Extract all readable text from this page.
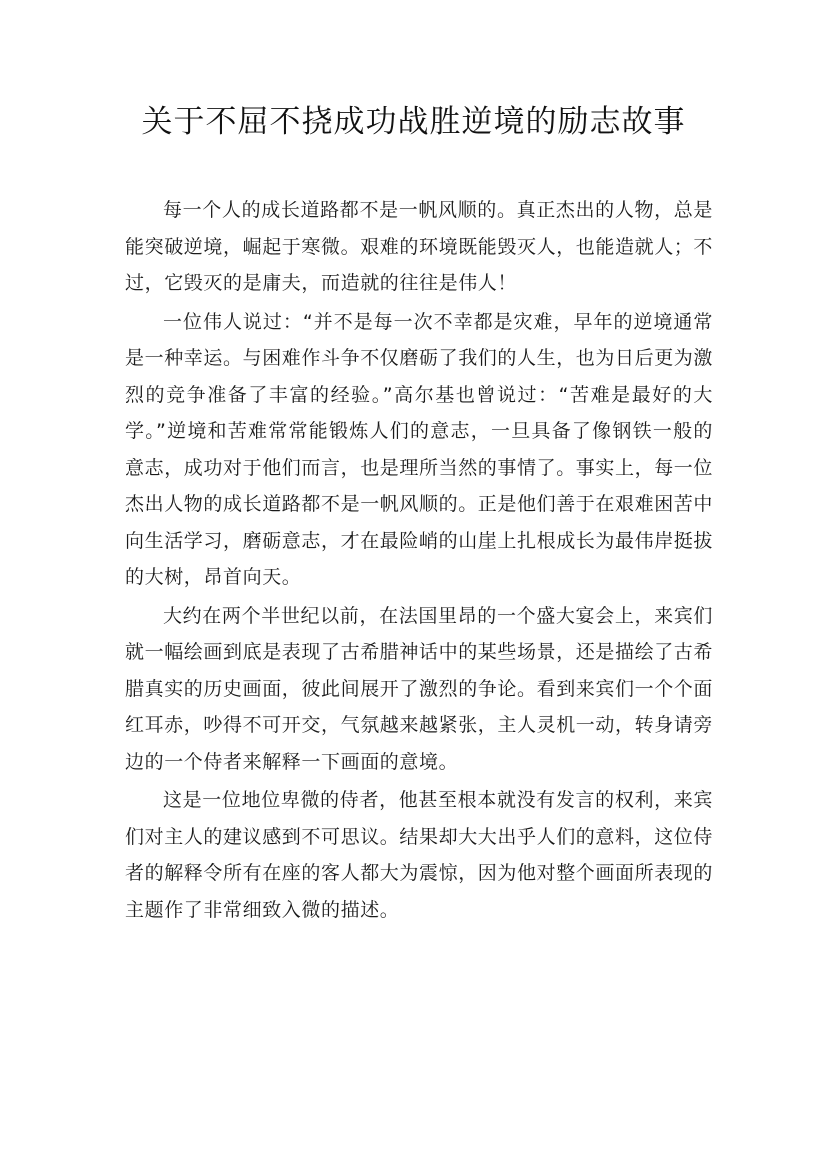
关于不屈不挠成功战胜逆境的励志故事

每一个人的成长道路都不是一帆风顺的。真正杰出的人物，总是能突破逆境，崛起于寒微。艰难的环境既能毁灭人，也能造就人；不过，它毁灭的是庸夫，而造就的往往是伟人！

一位伟人说过：“并不是每一次不幸都是灾难，早年的逆境通常是一种幸运。与困难作斗争不仅磨砺了我们的人生，也为日后更为激烈的竞争准备了丰富的经验。”高尔基也曾说过：“苦难是最好的大学。”逆境和苦难常常能锻炼人们的意志，一旦具备了像钢铁一般的意志，成功对于他们而言，也是理所当然的事情了。事实上，每一位杰出人物的成长道路都不是一帆风顺的。正是他们善于在艰难困苦中向生活学习，磨砺意志，才在最险峭的山崖上扎根成长为最伟岸挺拔的大树，昂首向天。

大约在两个半世纪以前，在法国里昂的一个盛大宴会上，来宾们就一幅绘画到底是表现了古希腊神话中的某些场景，还是描绘了古希腊真实的历史画面，彼此间展开了激烈的争论。看到来宾们一个个面红耳赤，吵得不可开交，气氛越来越紧张，主人灵机一动，转身请旁边的一个侍者来解释一下画面的意境。

这是一位地位卑微的侍者，他甚至根本就没有发言的权利，来宾们对主人的建议感到不可思议。结果却大大出乎人们的意料，这位侍者的解释令所有在座的客人都大为震惊，因为他对整个画面所表现的主题作了非常细致入微的描述。
